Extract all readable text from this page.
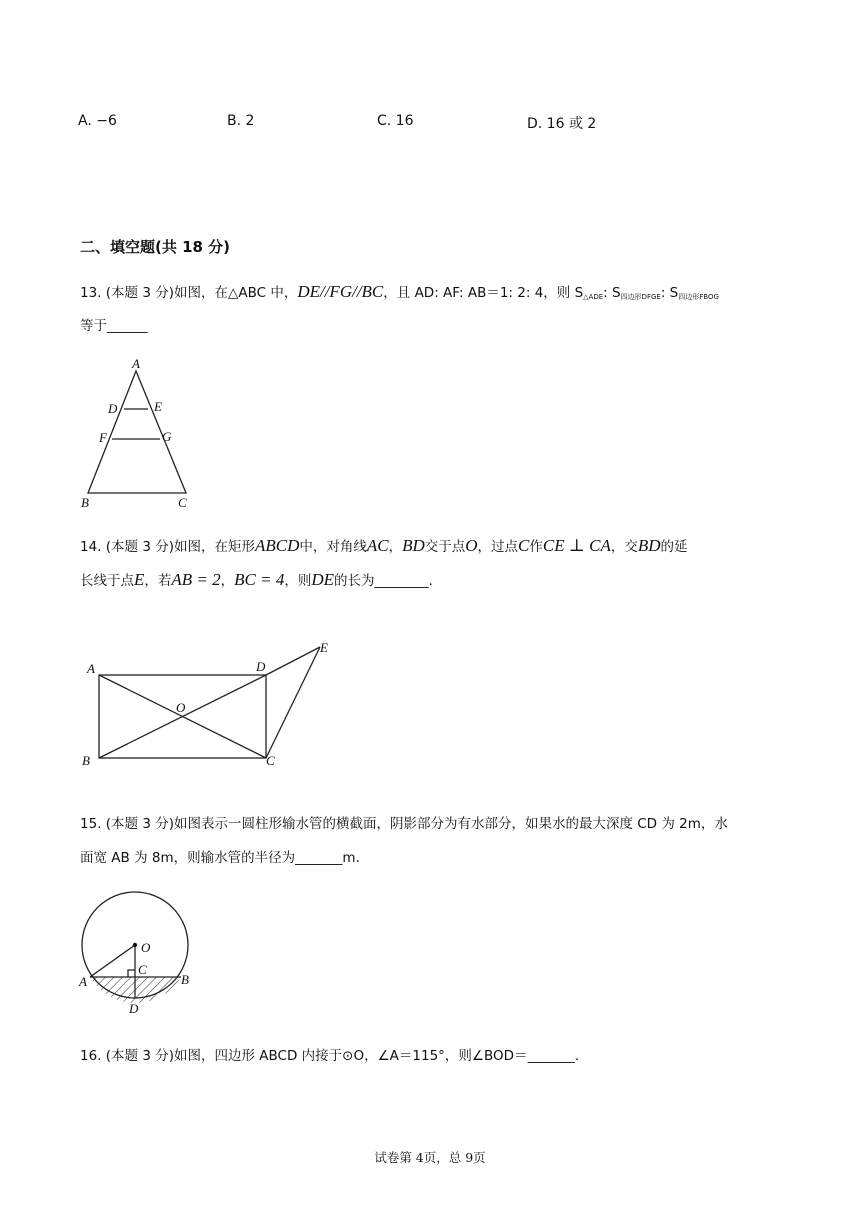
A. −6	B. 2	C. 16	D. 16 或 2
二、填空题(共 18 分)
13. (本题 3 分)如图，在△ABC 中，DE//FG//BC，且 AD: AF: AB＝1: 2: 4，则 $S_{\triangle ADE}$: $S_{四边形DFGE}$: $S_{四边形FBOG}$
等于______
A
D	E
F	G
B	C
14. (本题 3 分)如图，在矩形ABCD中，对角线AC，BD交于点O，过点C作CE ⊥ CA，交BD的延
长线于点E，若AB = 2，BC = 4，则DE的长为________.
A	D
E
O
B	C
15. (本题 3 分)如图表示一圆柱形输水管的横截面，阴影部分为有水部分，如果水的最大深度 CD 为 2m，水
面宽 AB 为 8m，则输水管的半径为_______m.
O
C
A	B
D
16. (本题 3 分)如图，四边形 ABCD 内接于⊙O，∠A＝115°，则∠BOD＝_______.
试卷第 4页，总 9页
